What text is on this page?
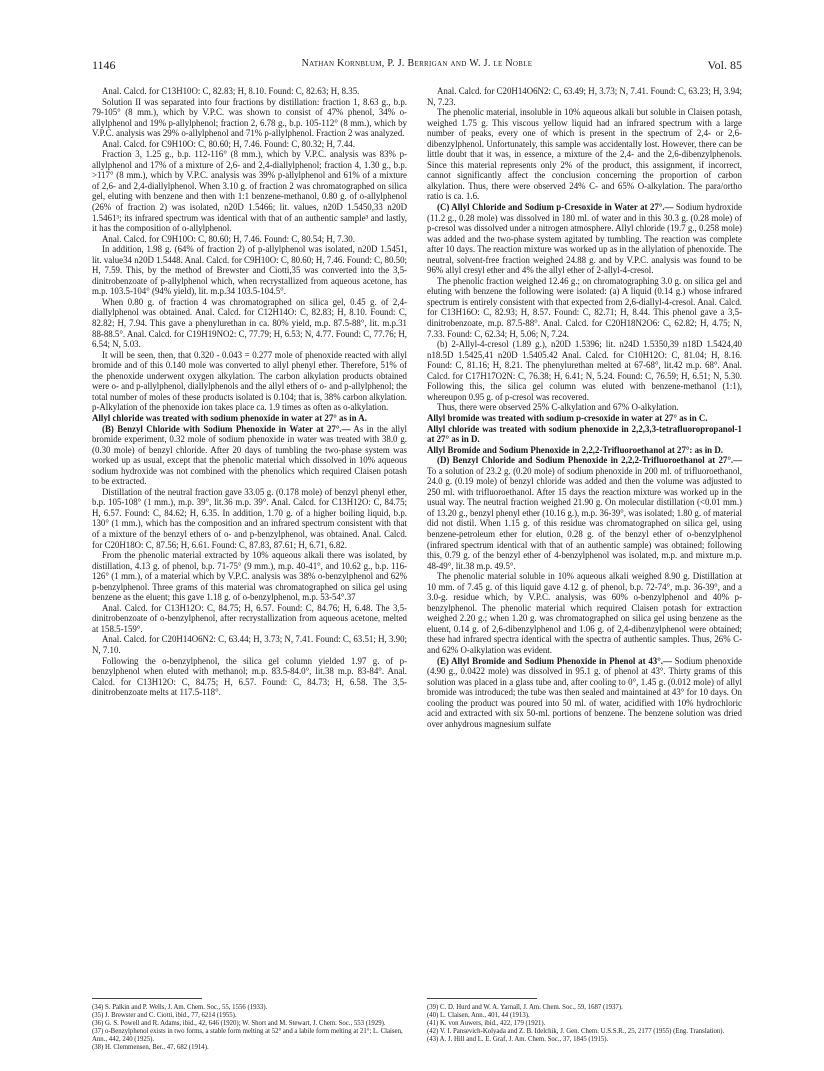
1146	Nathan Kornblum, P. J. Berrigan and W. J. le Noble	Vol. 85

Anal. Calcd. for C13H10O: C, 82.83; H, 8.10. Found: C, 82.63; H, 8.35.

Solution II was separated into four fractions by distillation: fraction 1, 8.63 g., b.p. 79-105° (8 mm.), which by V.P.C. was shown to consist of 47% phenol, 34% o-allylphenol and 19% p-allylphenol; fraction 2, 6.78 g., b.p. 105-112° (8 mm.), which by V.P.C. analysis was 29% o-allylphenol and 71% p-allylphenol. Fraction 2 was analyzed.

Anal. Calcd. for C9H10O: C, 80.60; H, 7.46. Found: C, 80.32; H, 7.44.

Fraction 3, 1.25 g., b.p. 112-116° (8 mm.), which by V.P.C. analysis was 83% p-allylphenol and 17% of a mixture of 2,6- and 2,4-diallylphenol; fraction 4, 1.30 g., b.p. >117° (8 mm.), which by V.P.C. analysis was 39% p-allylphenol and 61% of a mixture of 2,6- and 2,4-diallylphenol. When 3.10 g. of fraction 2 was chromatographed on silica gel, eluting with benzene and then with 1:1 benzene-methanol, 0.80 g. of o-allylphenol (26% of fraction 2) was isolated, n20D 1.5466; lit. values, n20D 1.5450,33 n20D 1.5461³; its infrared spectrum was identical with that of an authentic sample³ and lastly, it has the composition of o-allylphenol.

Anal. Calcd. for C9H10O: C, 80.60; H, 7.46. Found: C, 80.54; H, 7.30.

In addition, 1.98 g. (64% of fraction 2) of p-allylphenol was isolated, n20D 1.5451, lit. value34 n20D 1.5448. Anal. Calcd. for C9H10O: C, 80.60; H, 7.46. Found: C, 80.50; H, 7.59. This, by the method of Brewster and Ciotti,35 was converted into the 3,5-dinitrobenzoate of p-allylphenol which, when recrystallized from aqueous acetone, has m.p. 103.5-104° (94% yield), lit. m.p.34 103.5-104.5°.

When 0.80 g. of fraction 4 was chromatographed on silica gel, 0.45 g. of 2,4-diallylphenol was obtained. Anal. Calcd. for C12H14O: C, 82.83; H, 8.10. Found: C, 82.82; H, 7.94. This gave a phenylurethan in ca. 80% yield, m.p. 87.5-88°, lit. m.p.31 88-88.5°. Anal. Calcd. for C19H19NO2: C, 77.79; H, 6.53; N, 4.77. Found: C, 77.76; H, 6.54; N, 5.03.

It will be seen, then, that 0.320 - 0.043 = 0.277 mole of phenoxide reacted with allyl bromide and of this 0.140 mole was converted to allyl phenyl ether. Therefore, 51% of the phenoxide underwent oxygen alkylation. The carbon alkylation products obtained were o- and p-allylphenol, diallylphenols and the allyl ethers of o- and p-allylphenol; the total number of moles of these products isolated is 0.104; that is, 38% carbon alkylation. p-Alkylation of the phenoxide ion takes place ca. 1.9 times as often as o-alkylation.

Allyl chloride was treated with sodium phenoxide in water at 27° as in A.

(B) Benzyl Chloride with Sodium Phenoxide in Water at 27°.— As in the allyl bromide experiment, 0.32 mole of sodium phenoxide in water was treated with 38.0 g. (0.30 mole) of benzyl chloride. After 20 days of tumbling the two-phase system was worked up as usual, except that the phenolic material which dissolved in 10% aqueous sodium hydroxide was not combined with the phenolics which required Claisen potash to be extracted.

Distillation of the neutral fraction gave 33.05 g. (0.178 mole) of benzyl phenyl ether, b.p. 105-108° (1 mm.), m.p. 39°, lit.36 m.p. 39°. Anal. Calcd. for C13H12O: C, 84.75; H, 6.57. Found: C, 84.62; H, 6.35. In addition, 1.70 g. of a higher boiling liquid, b.p. 130° (1 mm.), which has the composition and an infrared spectrum consistent with that of a mixture of the benzyl ethers of o- and p-benzylphenol, was obtained. Anal. Calcd. for C20H18O: C, 87.56; H, 6.61. Found: C, 87.83, 87.61; H, 6.71, 6.82.

From the phenolic material extracted by 10% aqueous alkali there was isolated, by distillation, 4.13 g. of phenol, b.p. 71-75° (9 mm.), m.p. 40-41°, and 10.62 g., b.p. 116-126° (1 mm.), of a material which by V.P.C. analysis was 38% o-benzylphenol and 62% p-benzylphenol. Three grams of this material was chromatographed on silica gel using benzene as the eluent; this gave 1.18 g. of o-benzylphenol, m.p. 53-54°.37

Anal. Calcd. for C13H12O: C, 84.75; H, 6.57. Found: C, 84.76; H, 6.48. The 3,5-dinitrobenzoate of o-benzylphenol, after recrystallization from aqueous acetone, melted at 158.5-159°.

Anal. Calcd. for C20H14O6N2: C, 63.44; H, 3.73; N, 7.41. Found: C, 63.51; H, 3.90; N, 7.10.

Following the o-benzylphenol, the silica gel column yielded 1.97 g. of p-benzylphenol when eluted with methanol; m.p. 83.5-84.0°, lit.38 m.p. 83-84°. Anal. Calcd. for C13H12O: C, 84.75; H, 6.57. Found: C, 84.73; H, 6.58. The 3,5-dinitrobenzoate melts at 117.5-118°.

Anal. Calcd. for C20H14O6N2: C, 63.49; H, 3.73; N, 7.41. Found: C, 63.23; H, 3.94; N, 7.23.

The phenolic material, insoluble in 10% aqueous alkali but soluble in Claisen potash, weighed 1.75 g. This viscous yellow liquid had an infrared spectrum with a large number of peaks, every one of which is present in the spectrum of 2,4- or 2,6-dibenzylphenol. Unfortunately, this sample was accidentally lost. However, there can be little doubt that it was, in essence, a mixture of the 2,4- and the 2,6-dibenzylphenols. Since this material represents only 2% of the product, this assignment, if incorrect, cannot significantly affect the conclusion concerning the proportion of carbon alkylation. Thus, there were observed 24% C- and 65% O-alkylation. The para/ortho ratio is ca. 1.6.

(C) Allyl Chloride and Sodium p-Cresoxide in Water at 27°.— Sodium hydroxide (11.2 g., 0.28 mole) was dissolved in 180 ml. of water and in this 30.3 g. (0.28 mole) of p-cresol was dissolved under a nitrogen atmosphere. Allyl chloride (19.7 g., 0.258 mole) was added and the two-phase system agitated by tumbling. The reaction was complete after 10 days. The reaction mixture was worked up as in the allylation of phenoxide. The neutral, solvent-free fraction weighed 24.88 g. and by V.P.C. analysis was found to be 96% allyl cresyl ether and 4% the allyl ether of 2-allyl-4-cresol.

The phenolic fraction weighed 12.46 g.; on chromatographing 3.0 g. on silica gel and eluting with benzene the following were isolated: (a) A liquid (0.14 g.) whose infrared spectrum is entirely consistent with that expected from 2,6-diallyl-4-cresol. Anal. Calcd. for C13H16O: C, 82.93; H, 8.57. Found: C, 82.71; H, 8.44. This phenol gave a 3,5-dinitrobenzoate, m.p. 87.5-88°. Anal. Calcd. for C20H18N2O6: C, 62.82; H, 4.75; N, 7.33. Found: C, 62.34; H, 5.06; N, 7.24.

(b) 2-Allyl-4-cresol (1.89 g.), n20D 1.5396; lit. n24D 1.5350,39 n18D 1.5424,40 n18.5D 1.5425,41 n20D 1.5405.42 Anal. Calcd. for C10H12O: C, 81.04; H, 8.16. Found: C, 81.16; H, 8.21. The phenylurethan melted at 67-68°, lit.42 m.p. 68°. Anal. Calcd. for C17H17O2N: C, 76.38; H, 6.41; N, 5.24. Found: C, 76.59; H, 6.51; N, 5.30. Following this, the silica gel column was eluted with benzene-methanol (1:1), whereupon 0.95 g. of p-cresol was recovered.

Thus, there were observed 25% C-alkylation and 67% O-alkylation.

Allyl bromide was treated with sodium p-cresoxide in water at 27° as in C.

Allyl chloride was treated with sodium phenoxide in 2,2,3,3-tetrafluoropropanol-1 at 27° as in D.

Allyl Bromide and Sodium Phenoxide in 2,2,2-Trifluoroethanol at 27°: as in D.

(D) Benzyl Chloride and Sodium Phenoxide in 2,2,2-Trifluoroethanol at 27°.—To a solution of 23.2 g. (0.20 mole) of sodium phenoxide in 200 ml. of trifluoroethanol, 24.0 g. (0.19 mole) of benzyl chloride was added and then the volume was adjusted to 250 ml. with trifluoroethanol. After 15 days the reaction mixture was worked up in the usual way. The neutral fraction weighed 21.90 g. On molecular distillation (<0.01 mm.) of 13.20 g., benzyl phenyl ether (10.16 g.), m.p. 36-39°, was isolated; 1.80 g. of material did not distil. When 1.15 g. of this residue was chromatographed on silica gel, using benzene-petroleum ether for elution, 0.28 g. of the benzyl ether of o-benzylphenol (infrared spectrum identical with that of an authentic sample) was obtained; following this, 0.79 g. of the benzyl ether of 4-benzylphenol was isolated, m.p. and mixture m.p. 48-49°, lit.38 m.p. 49.5°.

The phenolic material soluble in 10% aqueous alkali weighed 8.90 g. Distillation at 10 mm. of 7.45 g. of this liquid gave 4.12 g. of phenol, b.p. 72-74°, m.p. 36-39°, and a 3.0-g. residue which, by V.P.C. analysis, was 60% o-benzylphenol and 40% p-benzylphenol. The phenolic material which required Claisen potash for extraction weighed 2.20 g.; when 1.20 g. was chromatographed on silica gel using benzene as the eluent, 0.14 g. of 2,6-dibenzylphenol and 1.06 g. of 2,4-dibenzylphenol were obtained; these had infrared spectra identical with the spectra of authentic samples. Thus, 26% C- and 62% O-alkylation was evident.

(E) Allyl Bromide and Sodium Phenoxide in Phenol at 43°.— Sodium phenoxide (4.90 g., 0.0422 mole) was dissolved in 95.1 g. of phenol at 43°. Thirty grams of this solution was placed in a glass tube and, after cooling to 0°, 1.45 g. (0.012 mole) of allyl bromide was introduced; the tube was then sealed and maintained at 43° for 10 days. On cooling the product was poured into 50 ml. of water, acidified with 10% hydrochloric acid and extracted with six 50-ml. portions of benzene. The benzene solution was dried over anhydrous magnesium sulfate

(34) S. Palkin and P. Wells, J. Am. Chem. Soc., 55, 1556 (1933).
(35) J. Brewster and C. Ciotti, ibid., 77, 6214 (1955).
(36) G. S. Powell and R. Adams, ibid., 42, 646 (1920); W. Short and M. Stewart, J. Chem. Soc., 553 (1929).
(37) o-Benzylphenol exists in two forms, a stable form melting at 52° and a labile form melting at 21°; L. Claisen, Ann., 442, 240 (1925).
(38) H. Clemmensen, Ber., 47, 682 (1914).
(39) C. D. Hurd and W. A. Yarnall, J. Am. Chem. Soc., 59, 1687 (1937).
(40) L. Claisen, Ann., 401, 44 (1913).
(41) K. von Auwers, ibid., 422, 179 (1921).
(42) V. I. Pansevich-Kolyada and Z. B. Idelchik, J. Gen. Chem. U.S.S.R., 25, 2177 (1955) (Eng. Translation).
(43) A. J. Hill and L. E. Graf, J. Am. Chem. Soc., 37, 1845 (1915).
